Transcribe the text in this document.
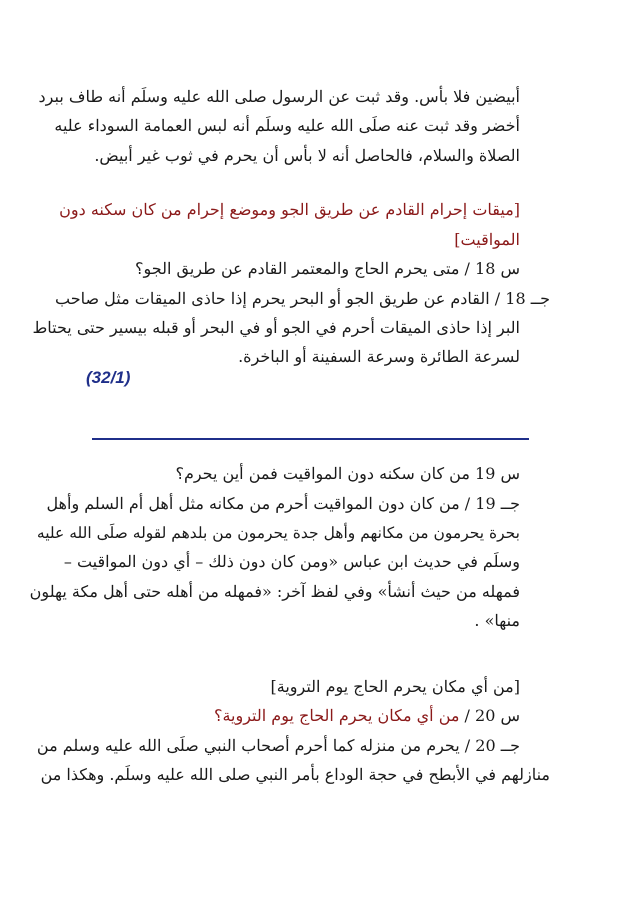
أبيضين فلا بأس. وقد ثبت عن الرسول صلى الله عليه وسلَم أنه طاف ببرد
أخضر وقد ثبت عنه صلَى الله عليه وسلَم أنه لبس العمامة السوداء عليه
الصلاة والسلام، فالحاصل أنه لا بأس أن يحرم في ثوب غير أبيض.
[ميقات إحرام القادم عن طريق الجو وموضع إحرام من كان سكنه دون
المواقيت]
س 18 / متى يحرم الحاج والمعتمر القادم عن طريق الجو؟
جــ 18 / القادم عن طريق الجو أو البحر يحرم إذا حاذى الميقات مثل صاحب
البر إذا حاذى الميقات أحرم في الجو أو في البحر أو قبله بيسير حتى يحتاط
لسرعة الطائرة وسرعة السفينة أو الباخرة.
(32/1)
س 19 من كان سكنه دون المواقيت فمن أين يحرم؟
جــ 19 / من كان دون المواقيت أحرم من مكانه مثل أهل أم السلم وأهل
بحرة يحرمون من مكانهم وأهل جدة يحرمون من بلدهم لقوله صلَى الله عليه
وسلَم في حديث ابن عباس «ومن كان دون ذلك – أي دون المواقيت –
فمهله من حيث أنشأ» وفي لفظ آخر: «فمهله من أهله حتى أهل مكة يهلون
منها» .
[من أي مكان يحرم الحاج يوم التروية]
س 20 / من أي مكان يحرم الحاج يوم التروية؟
جــ 20 / يحرم من منزله كما أحرم أصحاب النبي صلَى الله عليه وسلم من
منازلهم في الأبطح في حجة الوداع بأمر النبي صلى الله عليه وسلَم. وهكذا من
